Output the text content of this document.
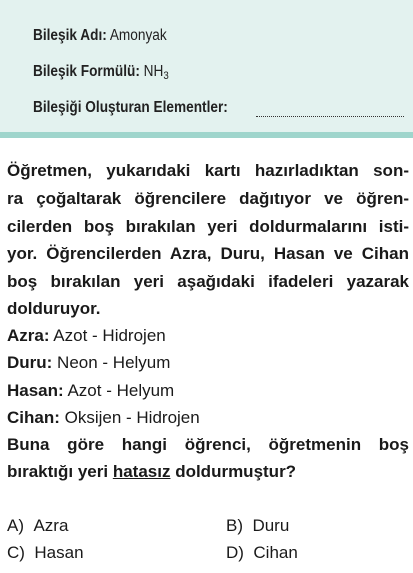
Bileşik Adı: Amonyak
Bileşik Formülü: NH3
Bileşiği Oluşturan Elementler:
Öğretmen, yukarıdaki kartı hazırladıktan son-
ra çoğaltarak öğrencilere dağıtıyor ve öğren-
cilerden boş bırakılan yeri doldurmalarını isti-
yor. Öğrencilerden Azra, Duru, Hasan ve Cihan
boş bırakılan yeri aşağıdaki ifadeleri yazarak
dolduruyor.
Azra: Azot - Hidrojen
Duru: Neon - Helyum
Hasan: Azot - Helyum
Cihan: Oksijen - Hidrojen
Buna göre hangi öğrenci, öğretmenin boş
bıraktığı yeri hatasız doldurmuştur?
A) Azra	B) Duru
C) Hasan	D) Cihan
